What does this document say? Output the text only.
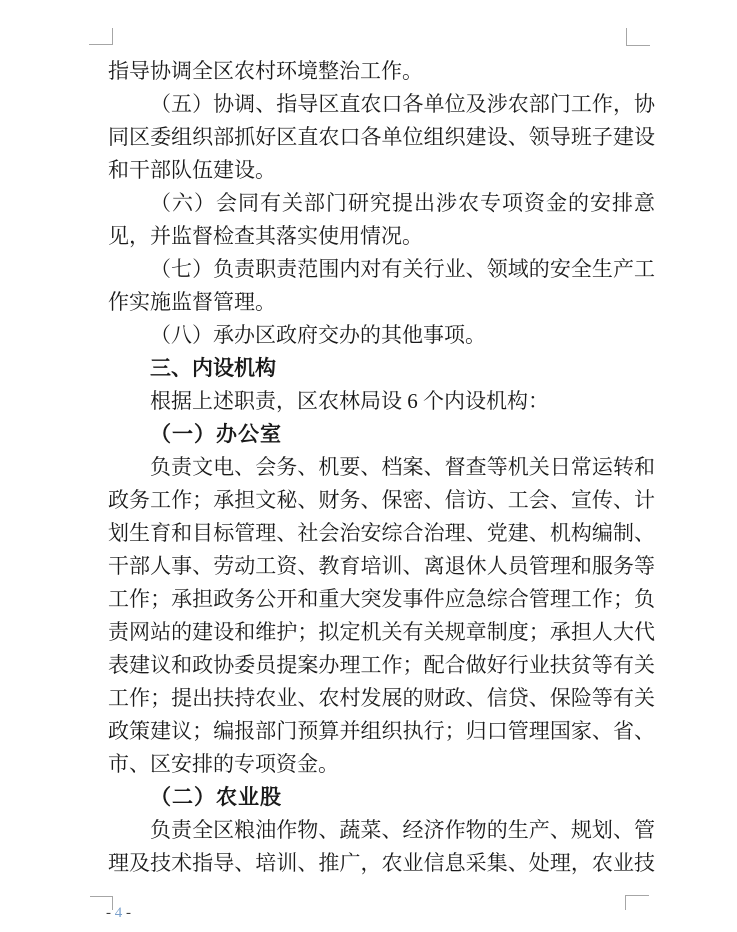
指导协调全区农村环境整治工作。
（五）协调、指导区直农口各单位及涉农部门工作，协
同区委组织部抓好区直农口各单位组织建设、领导班子建设
和干部队伍建设。
（六）会同有关部门研究提出涉农专项资金的安排意
见，并监督检查其落实使用情况。
（七）负责职责范围内对有关行业、领域的安全生产工
作实施监督管理。
（八）承办区政府交办的其他事项。
三、内设机构
根据上述职责，区农林局设 6 个内设机构：
（一）办公室
负责文电、会务、机要、档案、督查等机关日常运转和
政务工作；承担文秘、财务、保密、信访、工会、宣传、计
划生育和目标管理、社会治安综合治理、党建、机构编制、
干部人事、劳动工资、教育培训、离退休人员管理和服务等
工作；承担政务公开和重大突发事件应急综合管理工作；负
责网站的建设和维护；拟定机关有关规章制度；承担人大代
表建议和政协委员提案办理工作；配合做好行业扶贫等有关
工作；提出扶持农业、农村发展的财政、信贷、保险等有关
政策建议；编报部门预算并组织执行；归口管理国家、省、
市、区安排的专项资金。
（二）农业股
负责全区粮油作物、蔬菜、经济作物的生产、规划、管
理及技术指导、培训、推广，农业信息采集、处理，农业技
- 4 -
